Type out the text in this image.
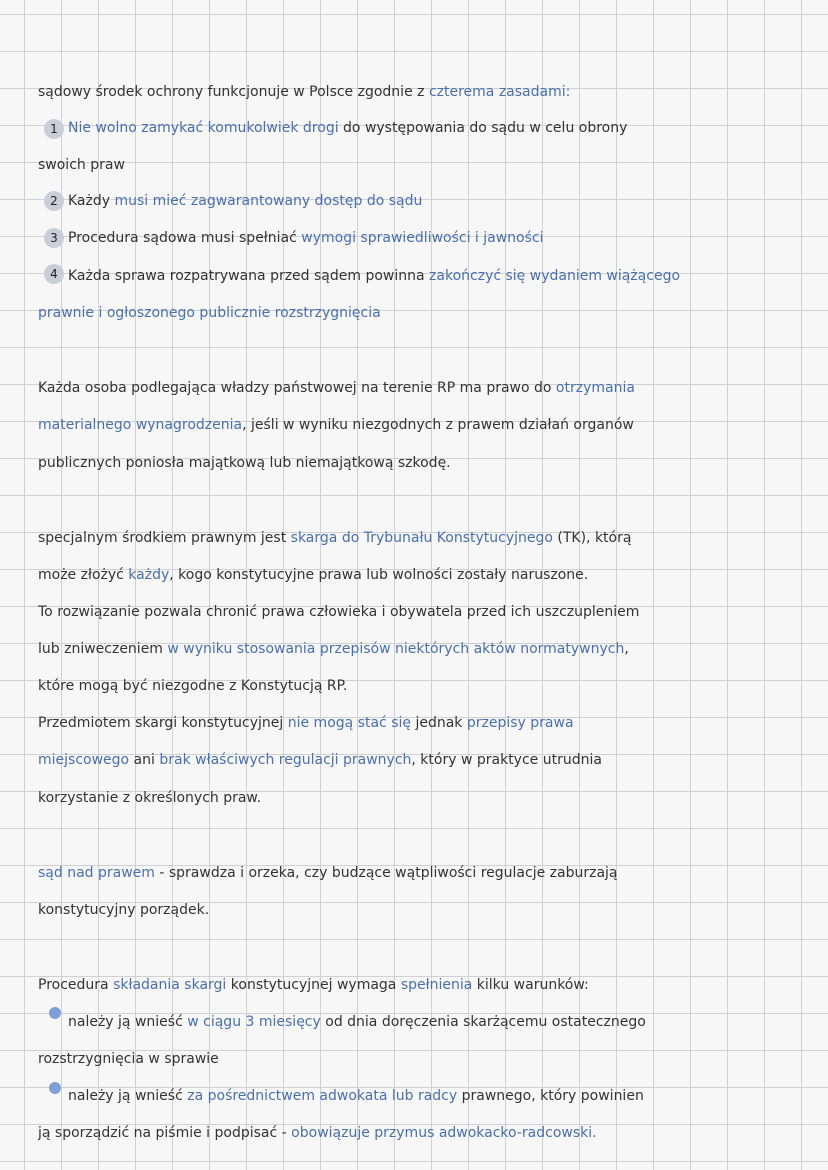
sądowy środek ochrony funkcjonuje w Polsce zgodnie z czterema zasadami:
1 Nie wolno zamykać komukolwiek drogi do występowania do sądu w celu obrony
swoich praw
2 Każdy musi mieć zagwarantowany dostęp do sądu
3 Procedura sądowa musi spełniać wymogi sprawiedliwości i jawności
4 Każda sprawa rozpatrywana przed sądem powinna zakończyć się wydaniem wiążącego
prawnie i ogłoszonego publicznie rozstrzygnięcia
Każda osoba podlegająca władzy państwowej na terenie RP ma prawo do otrzymania
materialnego wynagrodzenia, jeśli w wyniku niezgodnych z prawem działań organów
publicznych poniosła majątkową lub niemajątkową szkodę.
specjalnym środkiem prawnym jest skarga do Trybunału Konstytucyjnego (TK), którą
może złożyć każdy, kogo konstytucyjne prawa lub wolności zostały naruszone.
To rozwiązanie pozwala chronić prawa człowieka i obywatela przed ich uszczupleniem
lub zniweczeniem w wyniku stosowania przepisów niektórych aktów normatywnych,
które mogą być niezgodne z Konstytucją RP.
Przedmiotem skargi konstytucyjnej nie mogą stać się jednak przepisy prawa
miejscowego ani brak właściwych regulacji prawnych, który w praktyce utrudnia
korzystanie z określonych praw.
sąd nad prawem - sprawdza i orzeka, czy budzące wątpliwości regulacje zaburzają
konstytucyjny porządek.
Procedura składania skargi konstytucyjnej wymaga spełnienia kilku warunków:
należy ją wnieść w ciągu 3 miesięcy od dnia doręczenia skarżącemu ostatecznego
rozstrzygnięcia w sprawie
należy ją wnieść za pośrednictwem adwokata lub radcy prawnego, który powinien
ją sporządzić na piśmie i podpisać - obowiązuje przymus adwokacko-radcowski.
